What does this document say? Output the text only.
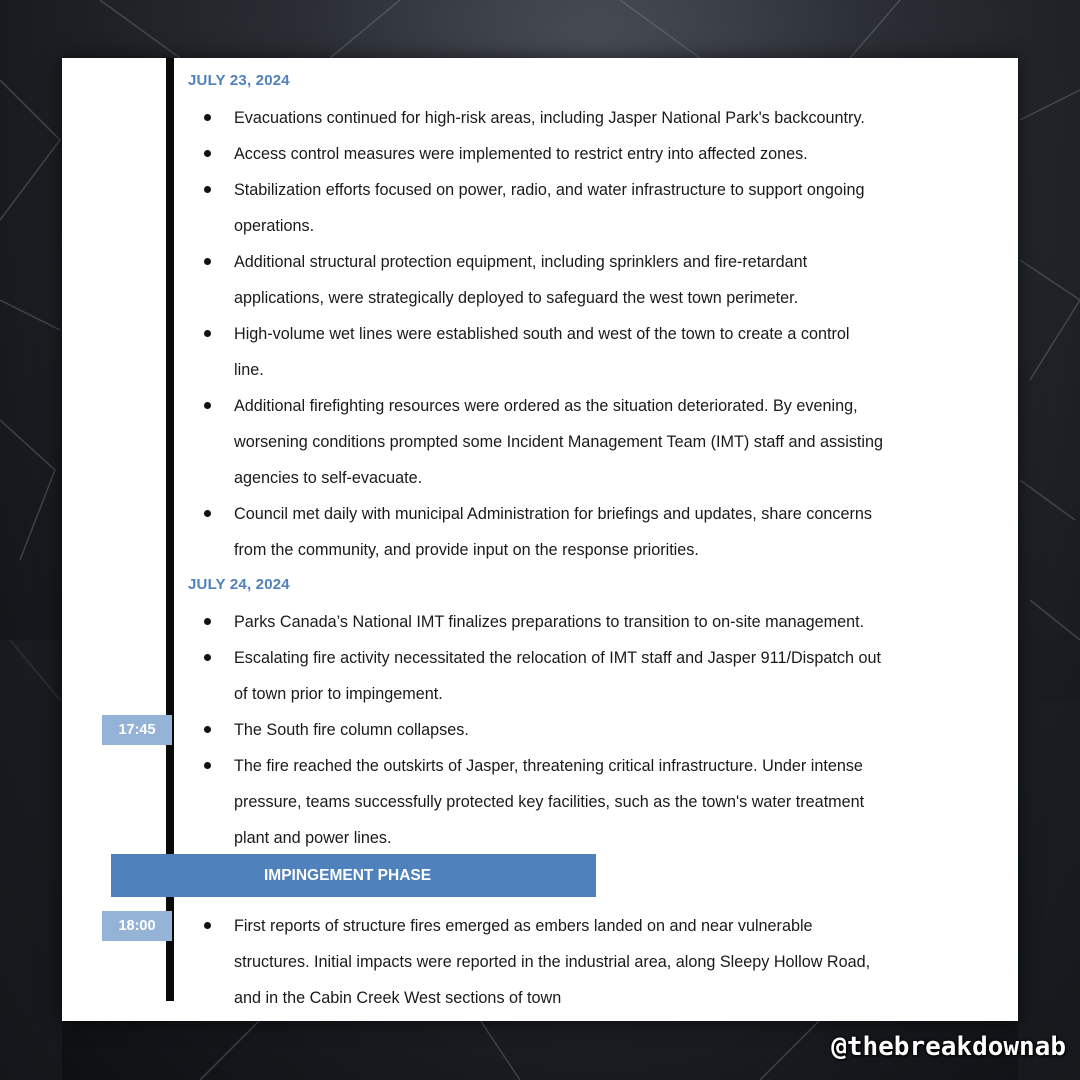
JULY 23, 2024
Evacuations continued for high-risk areas, including Jasper National Park's backcountry.
Access control measures were implemented to restrict entry into affected zones.
Stabilization efforts focused on power, radio, and water infrastructure to support ongoing
operations.
Additional structural protection equipment, including sprinklers and fire-retardant
applications, were strategically deployed to safeguard the west town perimeter.
High-volume wet lines were established south and west of the town to create a control
line.
Additional firefighting resources were ordered as the situation deteriorated. By evening,
worsening conditions prompted some Incident Management Team (IMT) staff and assisting
agencies to self-evacuate.
Council met daily with municipal Administration for briefings and updates, share concerns
from the community, and provide input on the response priorities.
JULY 24, 2024
Parks Canada’s National IMT finalizes preparations to transition to on-site management.
Escalating fire activity necessitated the relocation of IMT staff and Jasper 911/Dispatch out
of town prior to impingement.
The South fire column collapses.
17:45
The fire reached the outskirts of Jasper, threatening critical infrastructure. Under intense
pressure, teams successfully protected key facilities, such as the town's water treatment
plant and power lines.
First reports of structure fires emerged as embers landed on and near vulnerable
structures. Initial impacts were reported in the industrial area, along Sleepy Hollow Road,
and in the Cabin Creek West sections of town
18:00
IMPINGEMENT PHASE
@thebreakdownab
